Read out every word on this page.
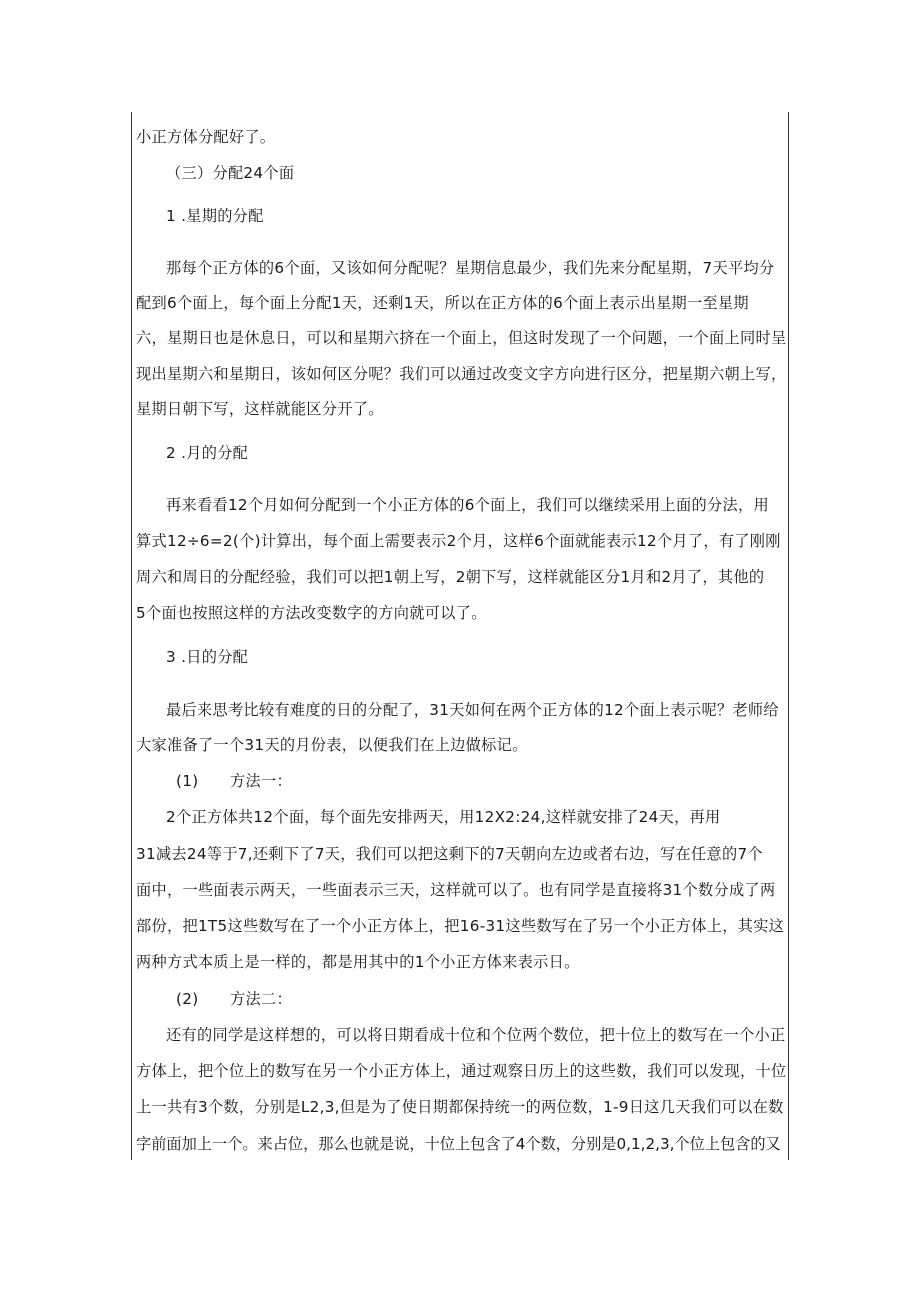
小正方体分配好了。
（三）分配24个面
1 .星期的分配
那每个正方体的6个面，又该如何分配呢？星期信息最少，我们先来分配星期，7天平均分
配到6个面上，每个面上分配1天，还剩1天，所以在正方体的6个面上表示出星期一至星期
六，星期日也是休息日，可以和星期六挤在一个面上，但这时发现了一个问题，一个面上同时呈
现出星期六和星期日，该如何区分呢？我们可以通过改变文字方向进行区分，把星期六朝上写，
星期日朝下写，这样就能区分开了。
2 .月的分配
再来看看12个月如何分配到一个小正方体的6个面上，我们可以继续采用上面的分法，用
算式12÷6=2(个)计算出，每个面上需要表示2个月，这样6个面就能表示12个月了，有了刚刚
周六和周日的分配经验，我们可以把1朝上写，2朝下写，这样就能区分1月和2月了，其他的
5个面也按照这样的方法改变数字的方向就可以了。
3 .日的分配
最后来思考比较有难度的日的分配了，31天如何在两个正方体的12个面上表示呢？老师给
大家准备了一个31天的月份表，以便我们在上边做标记。
(1) 方法一：
2个正方体共12个面，每个面先安排两天，用12X2:24,这样就安排了24天，再用
31减去24等于7,还剩下了7天，我们可以把这剩下的7天朝向左边或者右边，写在任意的7个
面中，一些面表示两天，一些面表示三天，这样就可以了。也有同学是直接将31个数分成了两
部份，把1T5这些数写在了一个小正方体上，把16-31这些数写在了另一个小正方体上，其实这
两种方式本质上是一样的，都是用其中的1个小正方体来表示日。
(2) 方法二：
还有的同学是这样想的，可以将日期看成十位和个位两个数位，把十位上的数写在一个小正
方体上，把个位上的数写在另一个小正方体上，通过观察日历上的这些数，我们可以发现，十位
上一共有3个数，分别是L2,3,但是为了使日期都保持统一的两位数，1-9日这几天我们可以在数
字前面加上一个。来占位，那么也就是说，十位上包含了4个数，分别是0,1,2,3,个位上包含的又
